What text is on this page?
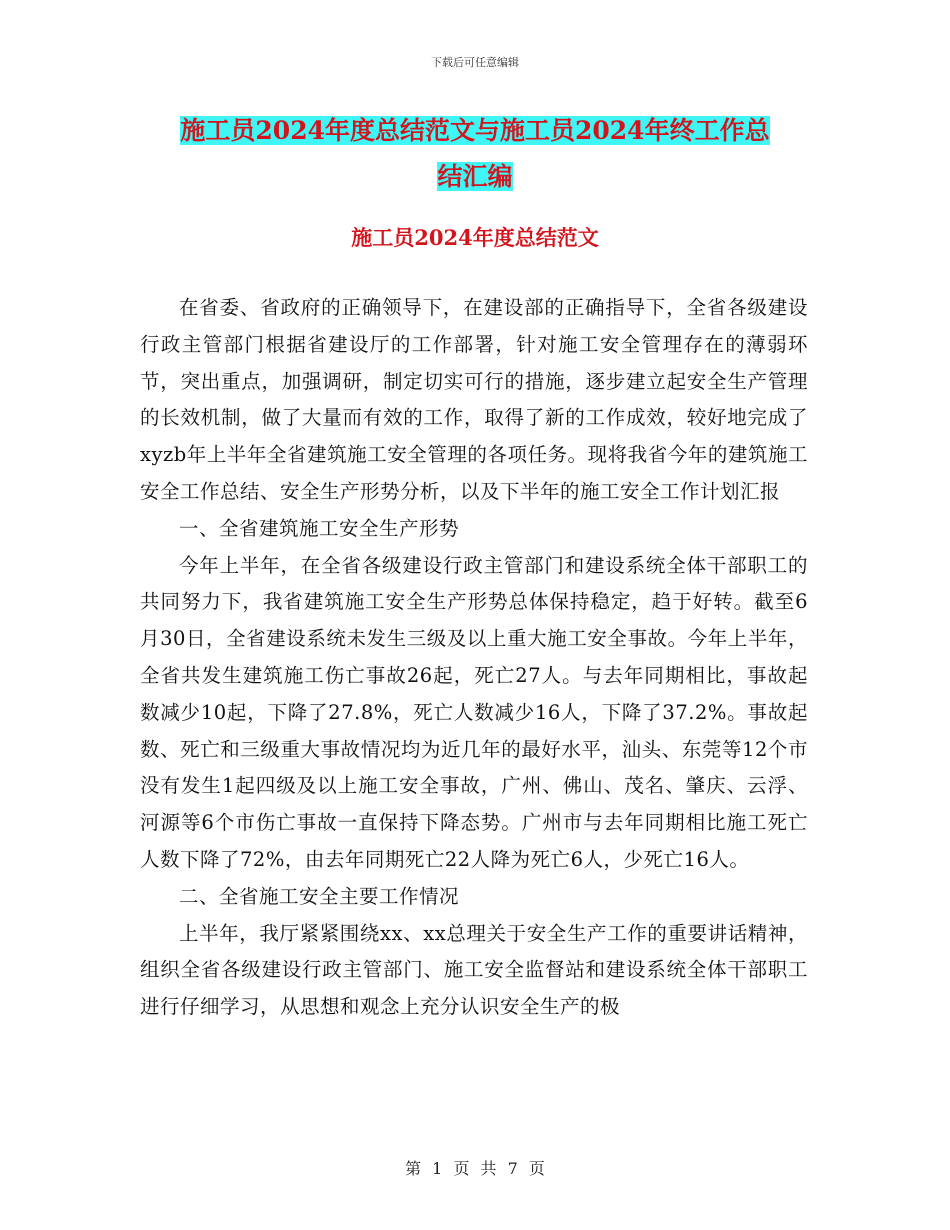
下载后可任意编辑
施工员2024年度总结范文与施工员2024年终工作总
结汇编
施工员2024年度总结范文

在省委、省政府的正确领导下，在建设部的正确指导下，全省各级建设行政主管部门根据省建设厅的工作部署，针对施工安全管理存在的薄弱环节，突出重点，加强调研，制定切实可行的措施，逐步建立起安全生产管理的长效机制，做了大量而有效的工作，取得了新的工作成效，较好地完成了xyzb年上半年全省建筑施工安全管理的各项任务。现将我省今年的建筑施工安全工作总结、安全生产形势分析，以及下半年的施工安全工作计划汇报

一、全省建筑施工安全生产形势

今年上半年，在全省各级建设行政主管部门和建设系统全体干部职工的共同努力下，我省建筑施工安全生产形势总体保持稳定，趋于好转。截至6月30日，全省建设系统未发生三级及以上重大施工安全事故。今年上半年，全省共发生建筑施工伤亡事故26起，死亡27人。与去年同期相比，事故起数减少10起，下降了27.8%，死亡人数减少16人，下降了37.2%。事故起数、死亡和三级重大事故情况均为近几年的最好水平，汕头、东莞等12个市没有发生1起四级及以上施工安全事故，广州、佛山、茂名、肇庆、云浮、河源等6个市伤亡事故一直保持下降态势。广州市与去年同期相比施工死亡人数下降了72%，由去年同期死亡22人降为死亡6人，少死亡16人。

二、全省施工安全主要工作情况

上半年，我厅紧紧围绕xx、xx总理关于安全生产工作的重要讲话精神，组织全省各级建设行政主管部门、施工安全监督站和建设系统全体干部职工进行仔细学习，从思想和观念上充分认识安全生产的极

第 1 页 共 7 页
